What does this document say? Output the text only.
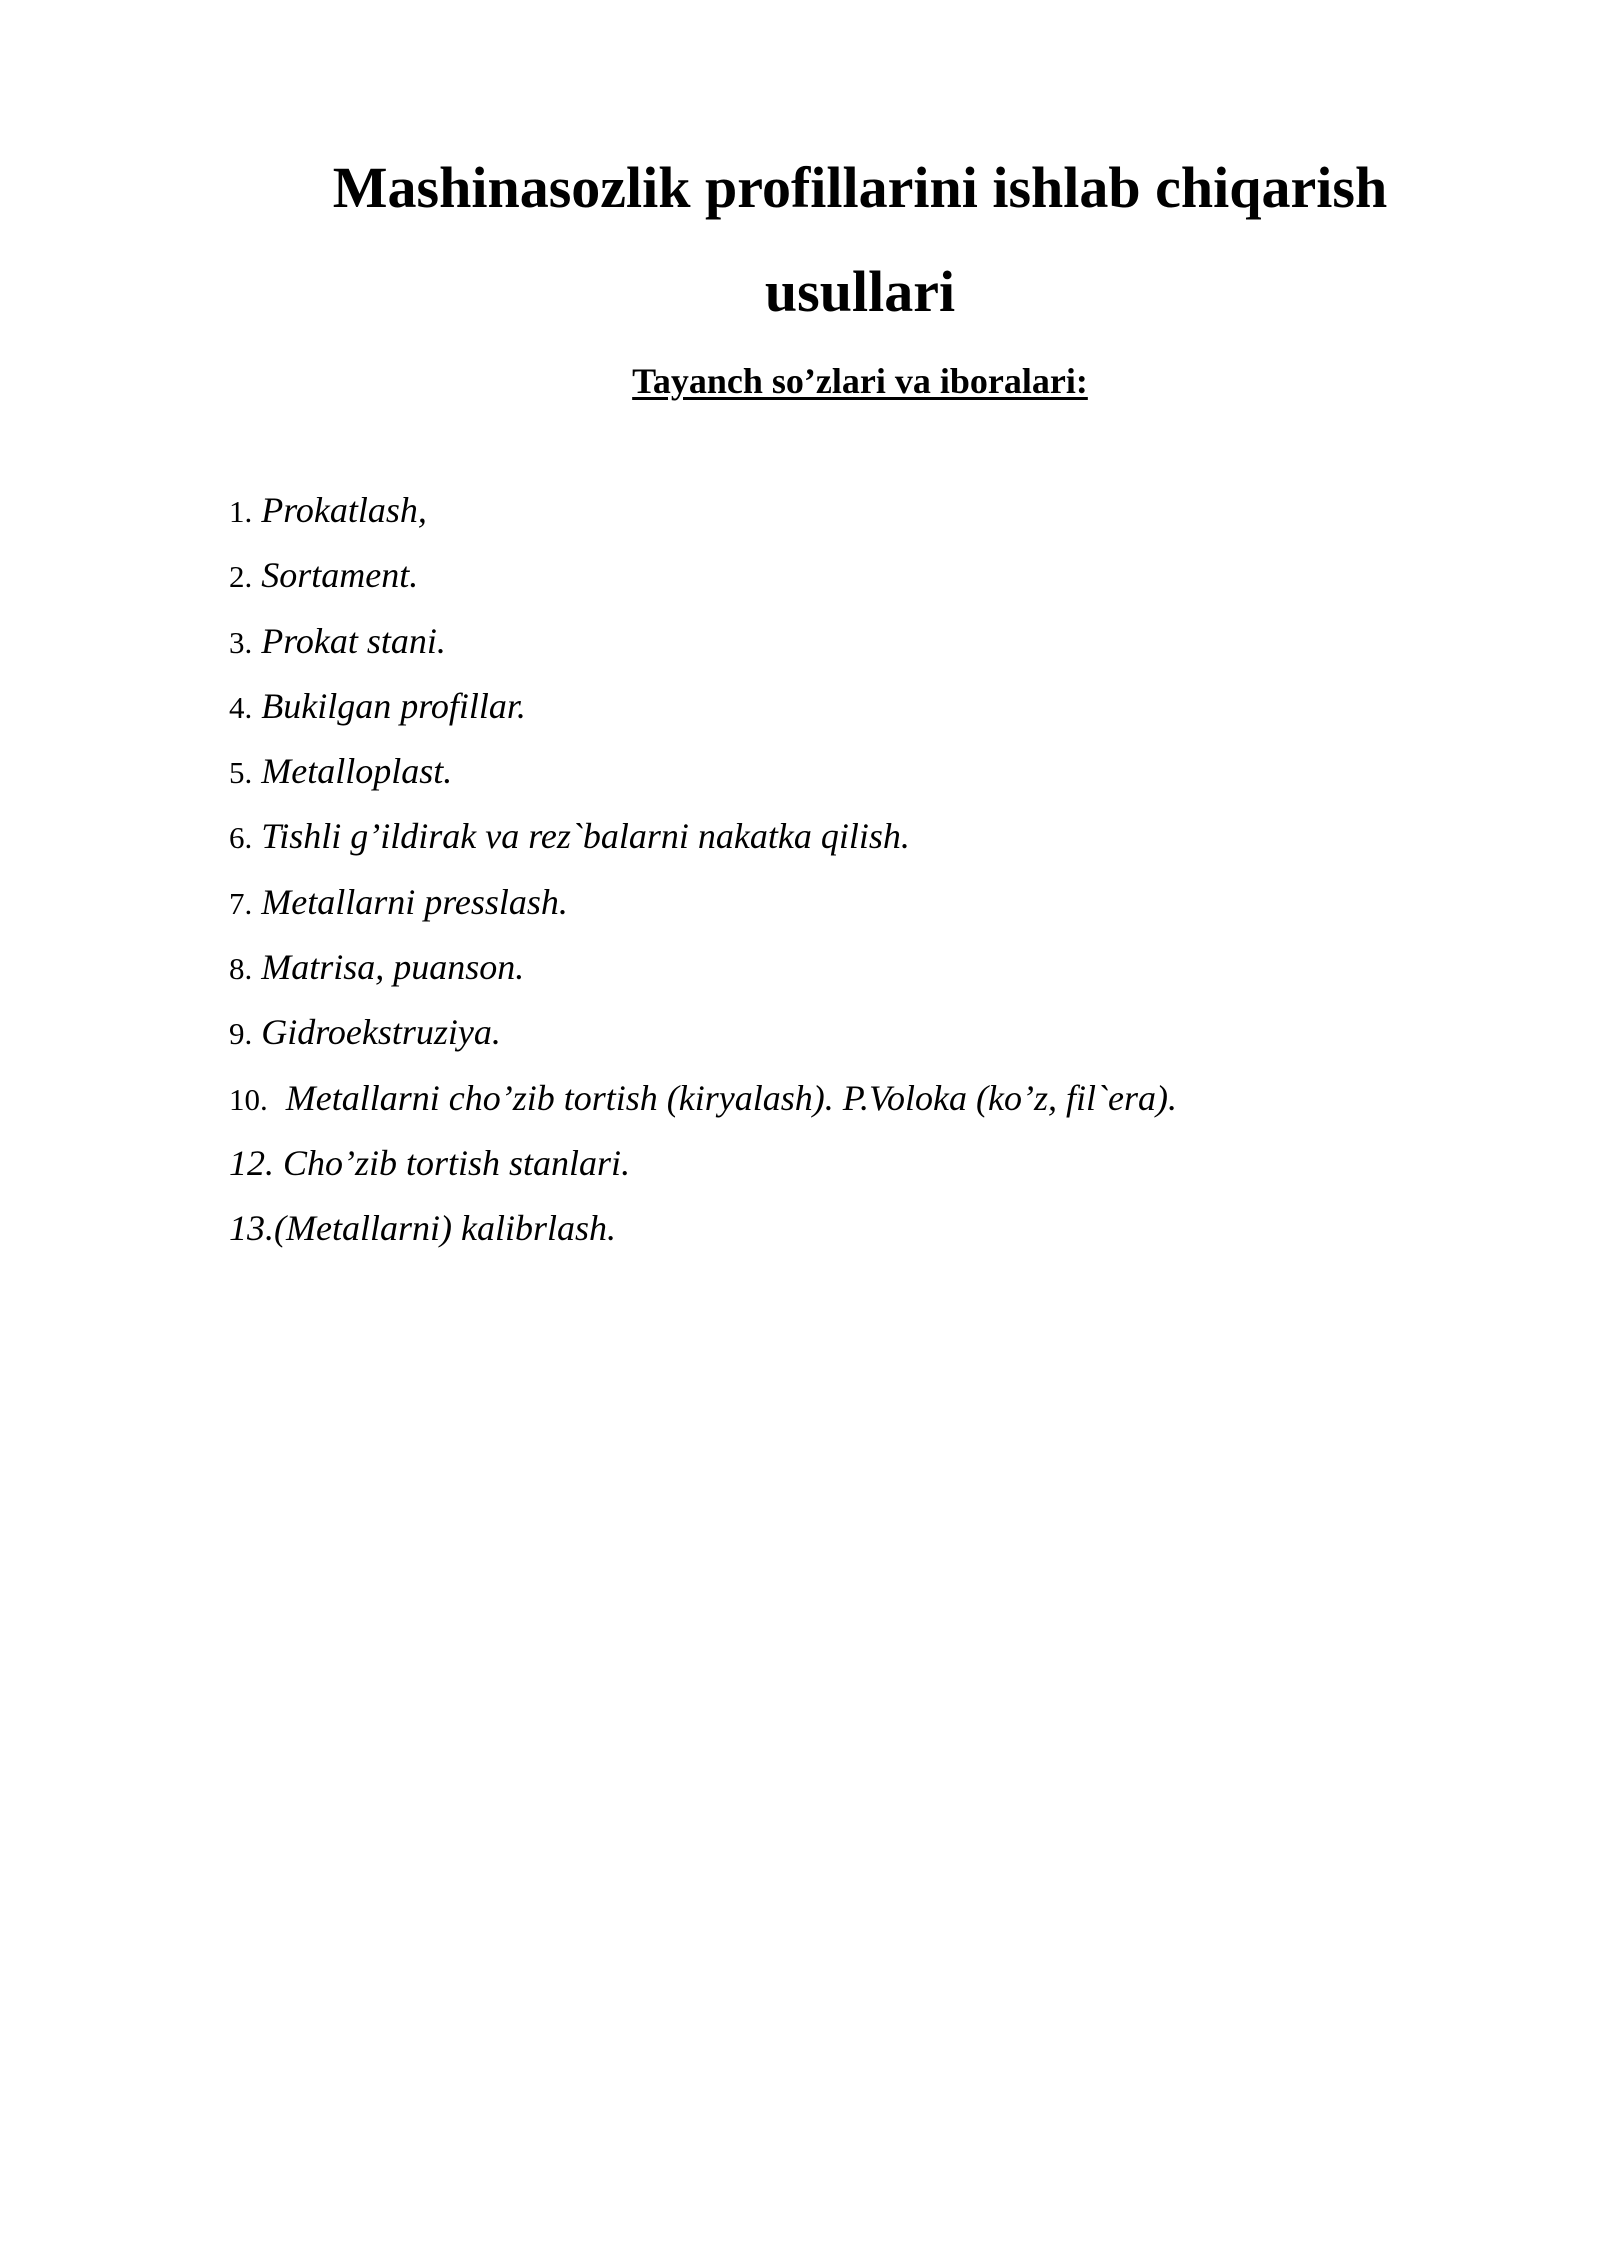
Mashinasozlik profillarini ishlab chiqarish
usullari

Tayanch so’zlari va iboralari:

1. Prokatlash,
2. Sortament.
3. Prokat stani.
4. Bukilgan profillar.
5. Metalloplast.
6. Tishli g’ildirak va rez`balarni nakatka qilish.
7. Metallarni presslash.
8. Matrisa, puanson.
9. Gidroekstruziya.
10. Metallarni cho’zib tortish (kiryalash). P.Voloka (ko’z, fil`era).
12. Cho’zib tortish stanlari.
13.(Metallarni) kalibrlash.
